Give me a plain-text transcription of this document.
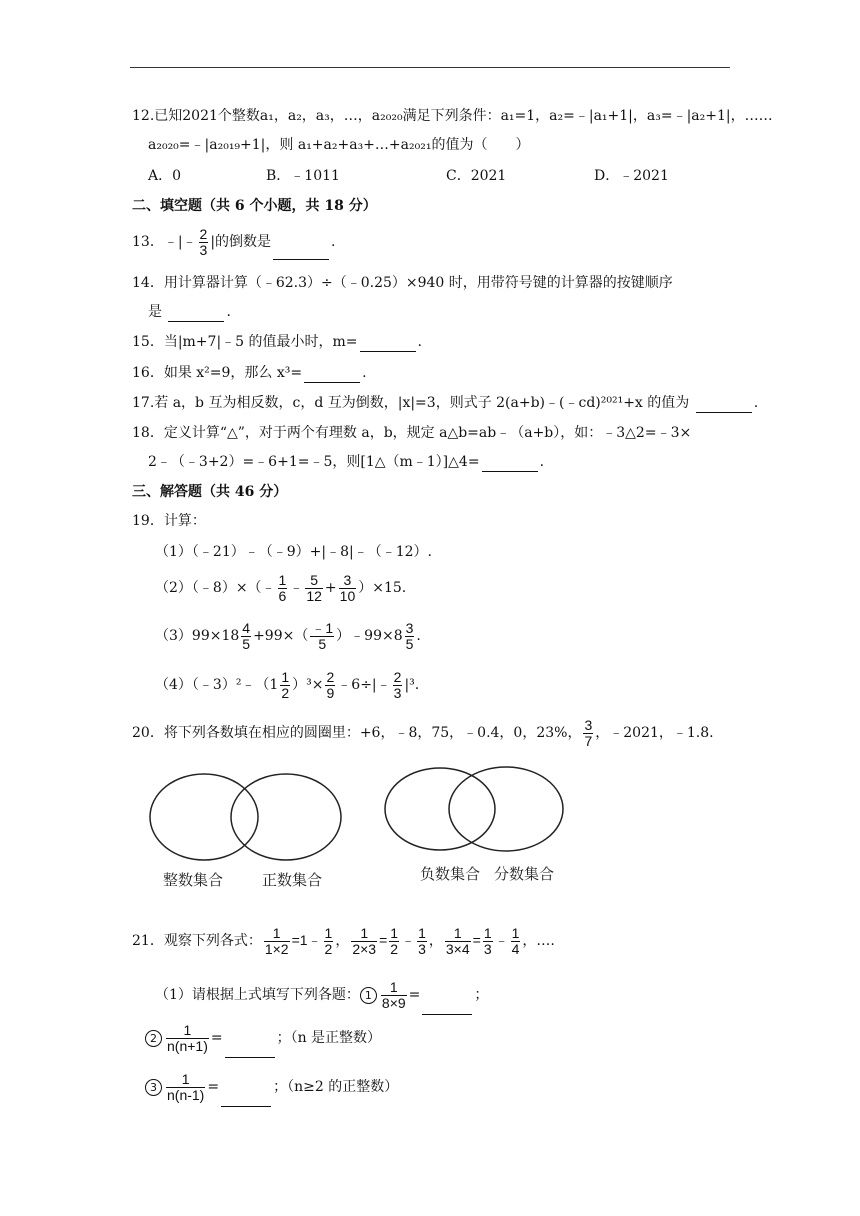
12.已知2021个整数a₁，a₂，a₃，…，a₂₀₂₀满足下列条件：a₁=1，a₂=﹣|a₁+1|，a₃=﹣|a₂+1|，……
a₂₀₂₀=﹣|a₂₀₁₉+1|，则 a₁+a₂+a₃+…+a₂₀₂₁的值为（　　）
A．0	B．﹣1011	C．2021	D．﹣2021
二、填空题（共 6 个小题，共 18 分）
13．﹣|﹣ $\frac{2}{3}$ |的倒数是	.
14．用计算器计算（﹣62.3）÷（﹣0.25）×940 时，用带符号键的计算器的按键顺序
是	.
15．当|m+7|﹣5 的值最小时，m=	.
16．如果 x²=9，那么 x³=	.
17.若 a，b 互为相反数，c，d 互为倒数，|x|=3，则式子 2(a+b)﹣(﹣cd)²⁰²¹+x 的值为	.
18．定义计算“△”，对于两个有理数 a，b，规定 a△b=ab﹣（a+b），如：﹣3△2=﹣3×
2﹣（﹣3+2）=﹣6+1=﹣5，则[1△（m﹣1）]△4=	.
三、解答题（共 46 分）
19．计算：
（1）（﹣21）﹣（﹣9）+|﹣8|﹣（﹣12）.
（2）（﹣8）×（﹣ $\frac{1}{6}$ ﹣ $\frac{5}{12} + \frac{3}{10} )\times 15$.
$(3)99\times 18 \frac{4}{5} +99\times( \frac{﹣1}{5}$ ）﹣99×8 $\frac{3}{5}$ .
（4）（﹣3）²﹣（1 $\frac{1}{2} )^3\times \frac{2}{9}$ ﹣6÷|﹣ $\frac{2}{3} |^3$.
20．将下列各数填在相应的圆圈里：+6，﹣8，75，﹣0.4，0，23%， $\frac{3}{7}$ ，﹣2021，﹣1.8.
整数集合	正数集合	负数集合 分数集合
21．观察下列各式： $\frac{1}{1\times 2}$ =1﹣ $\frac{1}{2}$ ， $\frac{1}{2\times 3} = \frac{1}{2}$ ﹣ $\frac{1}{3}$ ， $\frac{1}{3\times 4} = \frac{1}{3}$ ﹣ $\frac{1}{4}$ ，….
（1）请根据上式填写下列各题： $1 \frac{1}{8\times 9}$ =	；
$2 \frac{1}{n(n+1)}$ =	；（n 是正整数）
$3 \frac{1}{n(n-1)}$ =	；（n≥2 的正整数）
